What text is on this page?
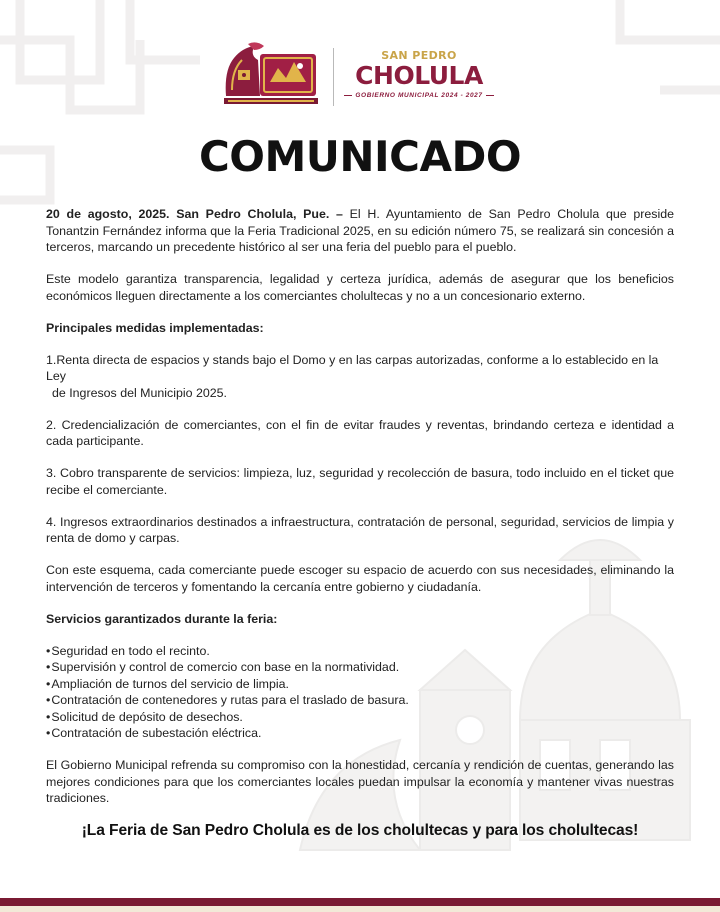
SAN PEDRO
CHOLULA
GOBIERNO MUNICIPAL 2024 - 2027
COMUNICADO

20 de agosto, 2025. San Pedro Cholula, Pue. – El H. Ayuntamiento de San Pedro Cholula que preside Tonantzin Fernández informa que la Feria Tradicional 2025, en su edición número 75, se realizará sin concesión a terceros, marcando un precedente histórico al ser una feria del pueblo para el pueblo.

Este modelo garantiza transparencia, legalidad y certeza jurídica, además de asegurar que los beneficios económicos lleguen directamente a los comerciantes cholultecas y no a un concesionario externo.

Principales medidas implementadas:

1.Renta directa de espacios y stands bajo el Domo y en las carpas autorizadas, conforme a lo establecido en la Ley
de Ingresos del Municipio 2025.

2. Credencialización de comerciantes, con el fin de evitar fraudes y reventas, brindando certeza e identidad a cada participante.

3. Cobro transparente de servicios: limpieza, luz, seguridad y recolección de basura, todo incluido en el ticket que recibe el comerciante.

4. Ingresos extraordinarios destinados a infraestructura, contratación de personal, seguridad, servicios de limpia y renta de domo y carpas.

Con este esquema, cada comerciante puede escoger su espacio de acuerdo con sus necesidades, eliminando la intervención de terceros y fomentando la cercanía entre gobierno y ciudadanía.

Servicios garantizados durante la feria:
• Seguridad en todo el recinto.
• Supervisión y control de comercio con base en la normatividad.
• Ampliación de turnos del servicio de limpia.
• Contratación de contenedores y rutas para el traslado de basura.
• Solicitud de depósito de desechos.
• Contratación de subestación eléctrica.

El Gobierno Municipal refrenda su compromiso con la honestidad, cercanía y rendición de cuentas, generando las mejores condiciones para que los comerciantes locales puedan impulsar la economía y mantener vivas nuestras tradiciones.

¡La Feria de San Pedro Cholula es de los cholultecas y para los cholultecas!
